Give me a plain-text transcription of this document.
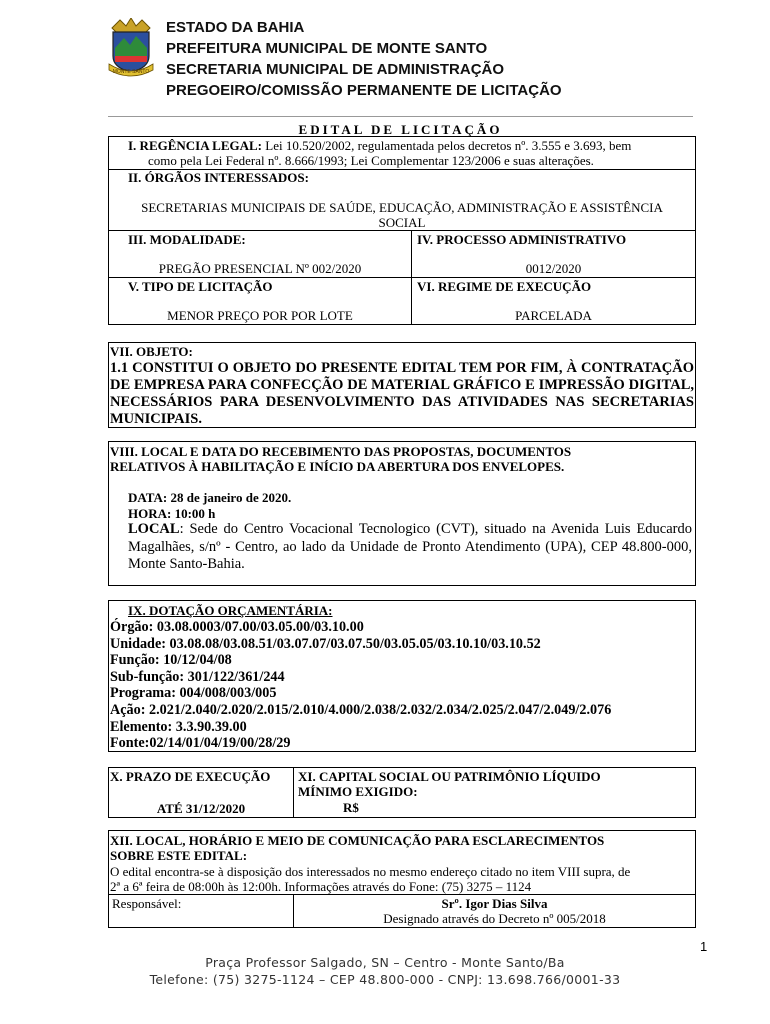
MONTE SANTO
ESTADO DA BAHIA
PREFEITURA MUNICIPAL DE MONTE SANTO
SECRETARIA MUNICIPAL DE ADMINISTRAÇÃO
PREGOEIRO/COMISSÃO PERMANENTE DE LICITAÇÃO
EDITAL DE LICITAÇÃO
I. REGÊNCIA LEGAL: Lei 10.520/2002, regulamentada pelos decretos nº. 3.555 e 3.693, bem
como pela Lei Federal nº. 8.666/1993; Lei Complementar 123/2006 e suas alterações.
II. ÓRGÃOS INTERESSADOS:
SECRETARIAS MUNICIPAIS DE SAÚDE, EDUCAÇÃO, ADMINISTRAÇÃO E ASSISTÊNCIA
SOCIAL
III. MODALIDADE:
PREGÃO PRESENCIAL Nº 002/2020
IV. PROCESSO ADMINISTRATIVO
0012/2020
V. TIPO DE LICITAÇÃO
MENOR PREÇO POR POR LOTE
VI. REGIME DE EXECUÇÃO
PARCELADA
VII. OBJETO:
1.1 CONSTITUI O OBJETO DO PRESENTE EDITAL TEM POR FIM, À CONTRATAÇÃO DE EMPRESA PARA CONFECÇÃO DE MATERIAL GRÁFICO E IMPRESSÃO DIGITAL, NECESSÁRIOS PARA DESENVOLVIMENTO DAS ATIVIDADES NAS SECRETARIAS MUNICIPAIS.
VIII. LOCAL E DATA DO RECEBIMENTO DAS PROPOSTAS, DOCUMENTOS
RELATIVOS À HABILITAÇÃO E INÍCIO DA ABERTURA DOS ENVELOPES.
DATA: 28 de janeiro de 2020.
HORA: 10:00 h
LOCAL: Sede do Centro Vocacional Tecnologico (CVT), situado na Avenida Luis Educardo Magalhães, s/nº - Centro, ao lado da Unidade de Pronto Atendimento (UPA), CEP 48.800-000, Monte Santo-Bahia.
IX. DOTAÇÃO ORÇAMENTÁRIA:
Órgão: 03.08.0003/07.00/03.05.00/03.10.00
Unidade: 03.08.08/03.08.51/03.07.07/03.07.50/03.05.05/03.10.10/03.10.52
Função: 10/12/04/08
Sub-função: 301/122/361/244
Programa: 004/008/003/005
Ação: 2.021/2.040/2.020/2.015/2.010/4.000/2.038/2.032/2.034/2.025/2.047/2.049/2.076
Elemento: 3.3.90.39.00
Fonte:02/14/01/04/19/00/28/29
X. PRAZO DE EXECUÇÃO
ATÉ 31/12/2020
XI. CAPITAL SOCIAL OU PATRIMÔNIO LÍQUIDO
MÍNIMO EXIGIDO:
R$
XII. LOCAL, HORÁRIO E MEIO DE COMUNICAÇÃO PARA ESCLARECIMENTOS
SOBRE ESTE EDITAL:
O edital encontra-se à disposição dos interessados no mesmo endereço citado no item VIII supra, de
2ª a 6ª feira de 08:00h às 12:00h. Informações através do Fone: (75) 3275 – 1124
Responsável:	Srº. Igor Dias Silva
Designado através do Decreto nº 005/2018
1
Praça Professor Salgado, SN – Centro - Monte Santo/Ba
Telefone: (75) 3275-1124 – CEP 48.800-000 - CNPJ: 13.698.766/0001-33
